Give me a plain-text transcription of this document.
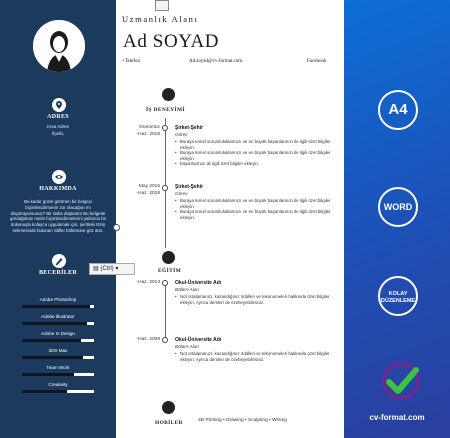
ADRES
Kısa Adres
İlçe/İL
HAKKIMDA
Bu kadar güzel görünen bir belgeyi biçimlendirmenin zor olacağını mı düşünüyorsunuz? Bir daha düşünün! Bu belgede gördüğünüz metin biçimlendirmelerini yalnızca bir dokunuşla kolayca uygulamak için, şeritteki Giriş sekmesinde bulunan Stiller bölümüne göz atın.
BECERİLER
Adobe Photoshop
Adobe Illustrator
Adobe In Design
3DS Max
Team Work
Creativity
Uzmanlık Alanı
Ad SOYAD
+Telefon	Ad.soyad@cv-format.com	Facebook
İŞ DENEYİMİ
Günümüz
-Haz. 2018
Şirket-Şehir
Görev
• Buraya temel sorumluluklarınızı ve en büyük başarılarınızı ile ilgili özet bilgiler ekleyin.
• Buraya temel sorumluluklarınızı ve en büyük başarılarınızı ile ilgili özet bilgiler ekleyin.
• başarılarınızı ile ilgili özet bilgiler ekleyin.
May 2016
-Haz. 2018
Şirket-Şehir
Görev
• Buraya temel sorumluluklarınızı ve en büyük başarılarınızı ile ilgili özet bilgiler ekleyin.
• Buraya temel sorumluluklarınızı ve en büyük başarılarınızı ile ilgili özet bilgiler ekleyin.
EĞİTİM
▤ (Ctrl) ▾
-Haz. 2013	Okul-Üniversite Adı
Bölüm-Alan
• Not ortalamanızı, kazandığınız ödülleri ve tekonomeleri hakkında özet bilgiler ekleyin. Ayrıca dersleri de özetleyebilirsiniz.
-Haz. 2008	Okul-Üniversite Adı
Bölüm-Alan
• Not ortalamanızı, kazandığınız ödülleri ve tekonomeleri hakkında özet bilgiler ekleyin. Ayrıca dersleri de özetleyebilirsiniz.
HOBİLER	3D Printing • Drawing • Sculpting • Writing
A4
WORD
KOLAY
DÜZENLEME
cv-format.com
